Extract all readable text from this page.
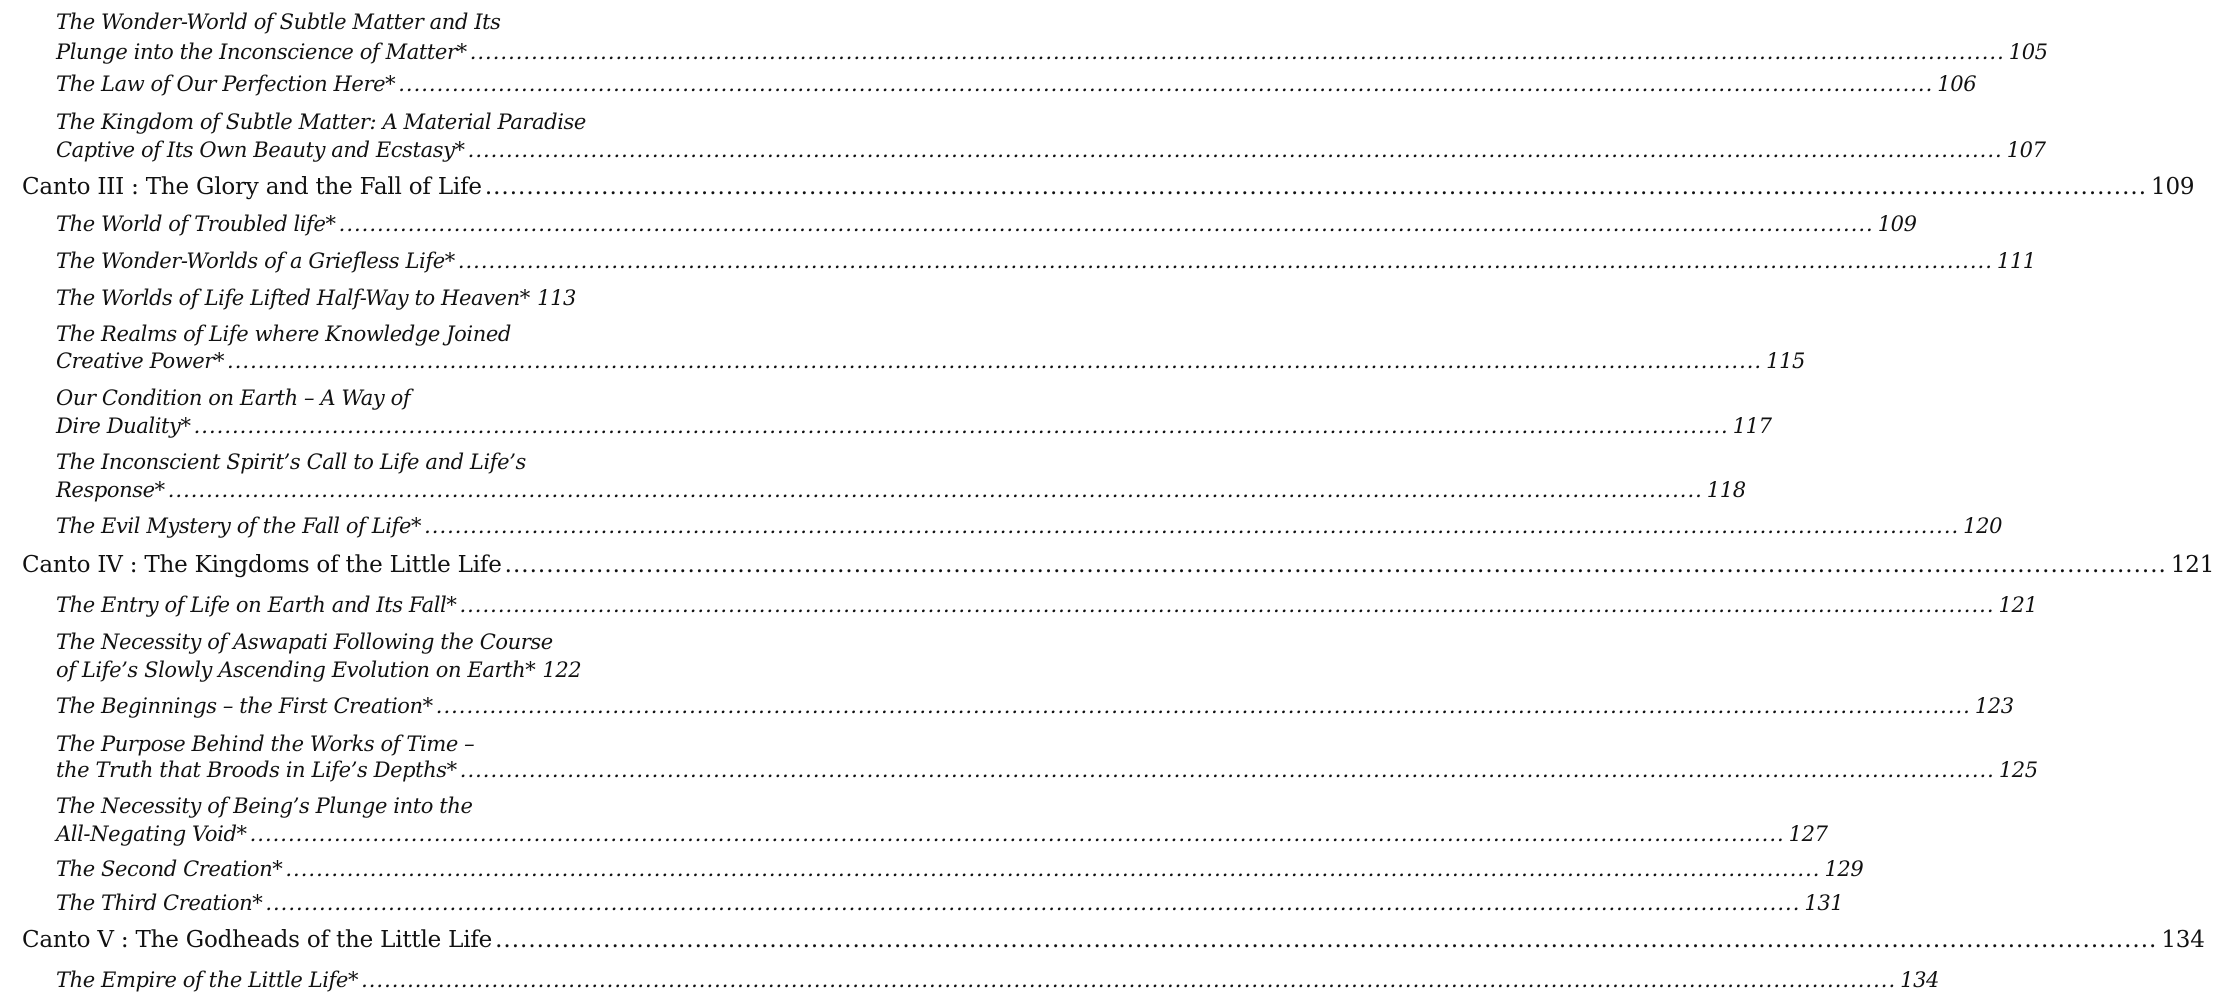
The Wonder-World of Subtle Matter and Its
Plunge into the Inconscience of Matter* ........................................................................................................................................................................................................ 105
The Law of Our Perfection Here* ........................................................................................................................................................................................................ 106
The Kingdom of Subtle Matter: A Material Paradise
Captive of Its Own Beauty and Ecstasy* ........................................................................................................................................................................................................ 107
Canto III : The Glory and the Fall of Life ........................................................................................................................................................................................................ 109
The World of Troubled life* ........................................................................................................................................................................................................ 109
The Wonder-Worlds of a Griefless Life* ........................................................................................................................................................................................................ 111
The Worlds of Life Lifted Half-Way to Heaven* 113
The Realms of Life where Knowledge Joined
Creative Power* ........................................................................................................................................................................................................ 115
Our Condition on Earth – A Way of
Dire Duality* ........................................................................................................................................................................................................ 117
The Inconscient Spirit’s Call to Life and Life’s
Response* ........................................................................................................................................................................................................ 118
The Evil Mystery of the Fall of Life* ........................................................................................................................................................................................................ 120
Canto IV : The Kingdoms of the Little Life ........................................................................................................................................................................................................ 121
The Entry of Life on Earth and Its Fall* ........................................................................................................................................................................................................ 121
The Necessity of Aswapati Following the Course
of Life’s Slowly Ascending Evolution on Earth* 122
The Beginnings – the First Creation* ........................................................................................................................................................................................................ 123
The Purpose Behind the Works of Time –
the Truth that Broods in Life’s Depths* ........................................................................................................................................................................................................ 125
The Necessity of Being’s Plunge into the
All-Negating Void* ........................................................................................................................................................................................................ 127
The Second Creation* ........................................................................................................................................................................................................ 129
The Third Creation* ........................................................................................................................................................................................................ 131
Canto V : The Godheads of the Little Life ........................................................................................................................................................................................................ 134
The Empire of the Little Life* ........................................................................................................................................................................................................ 134
